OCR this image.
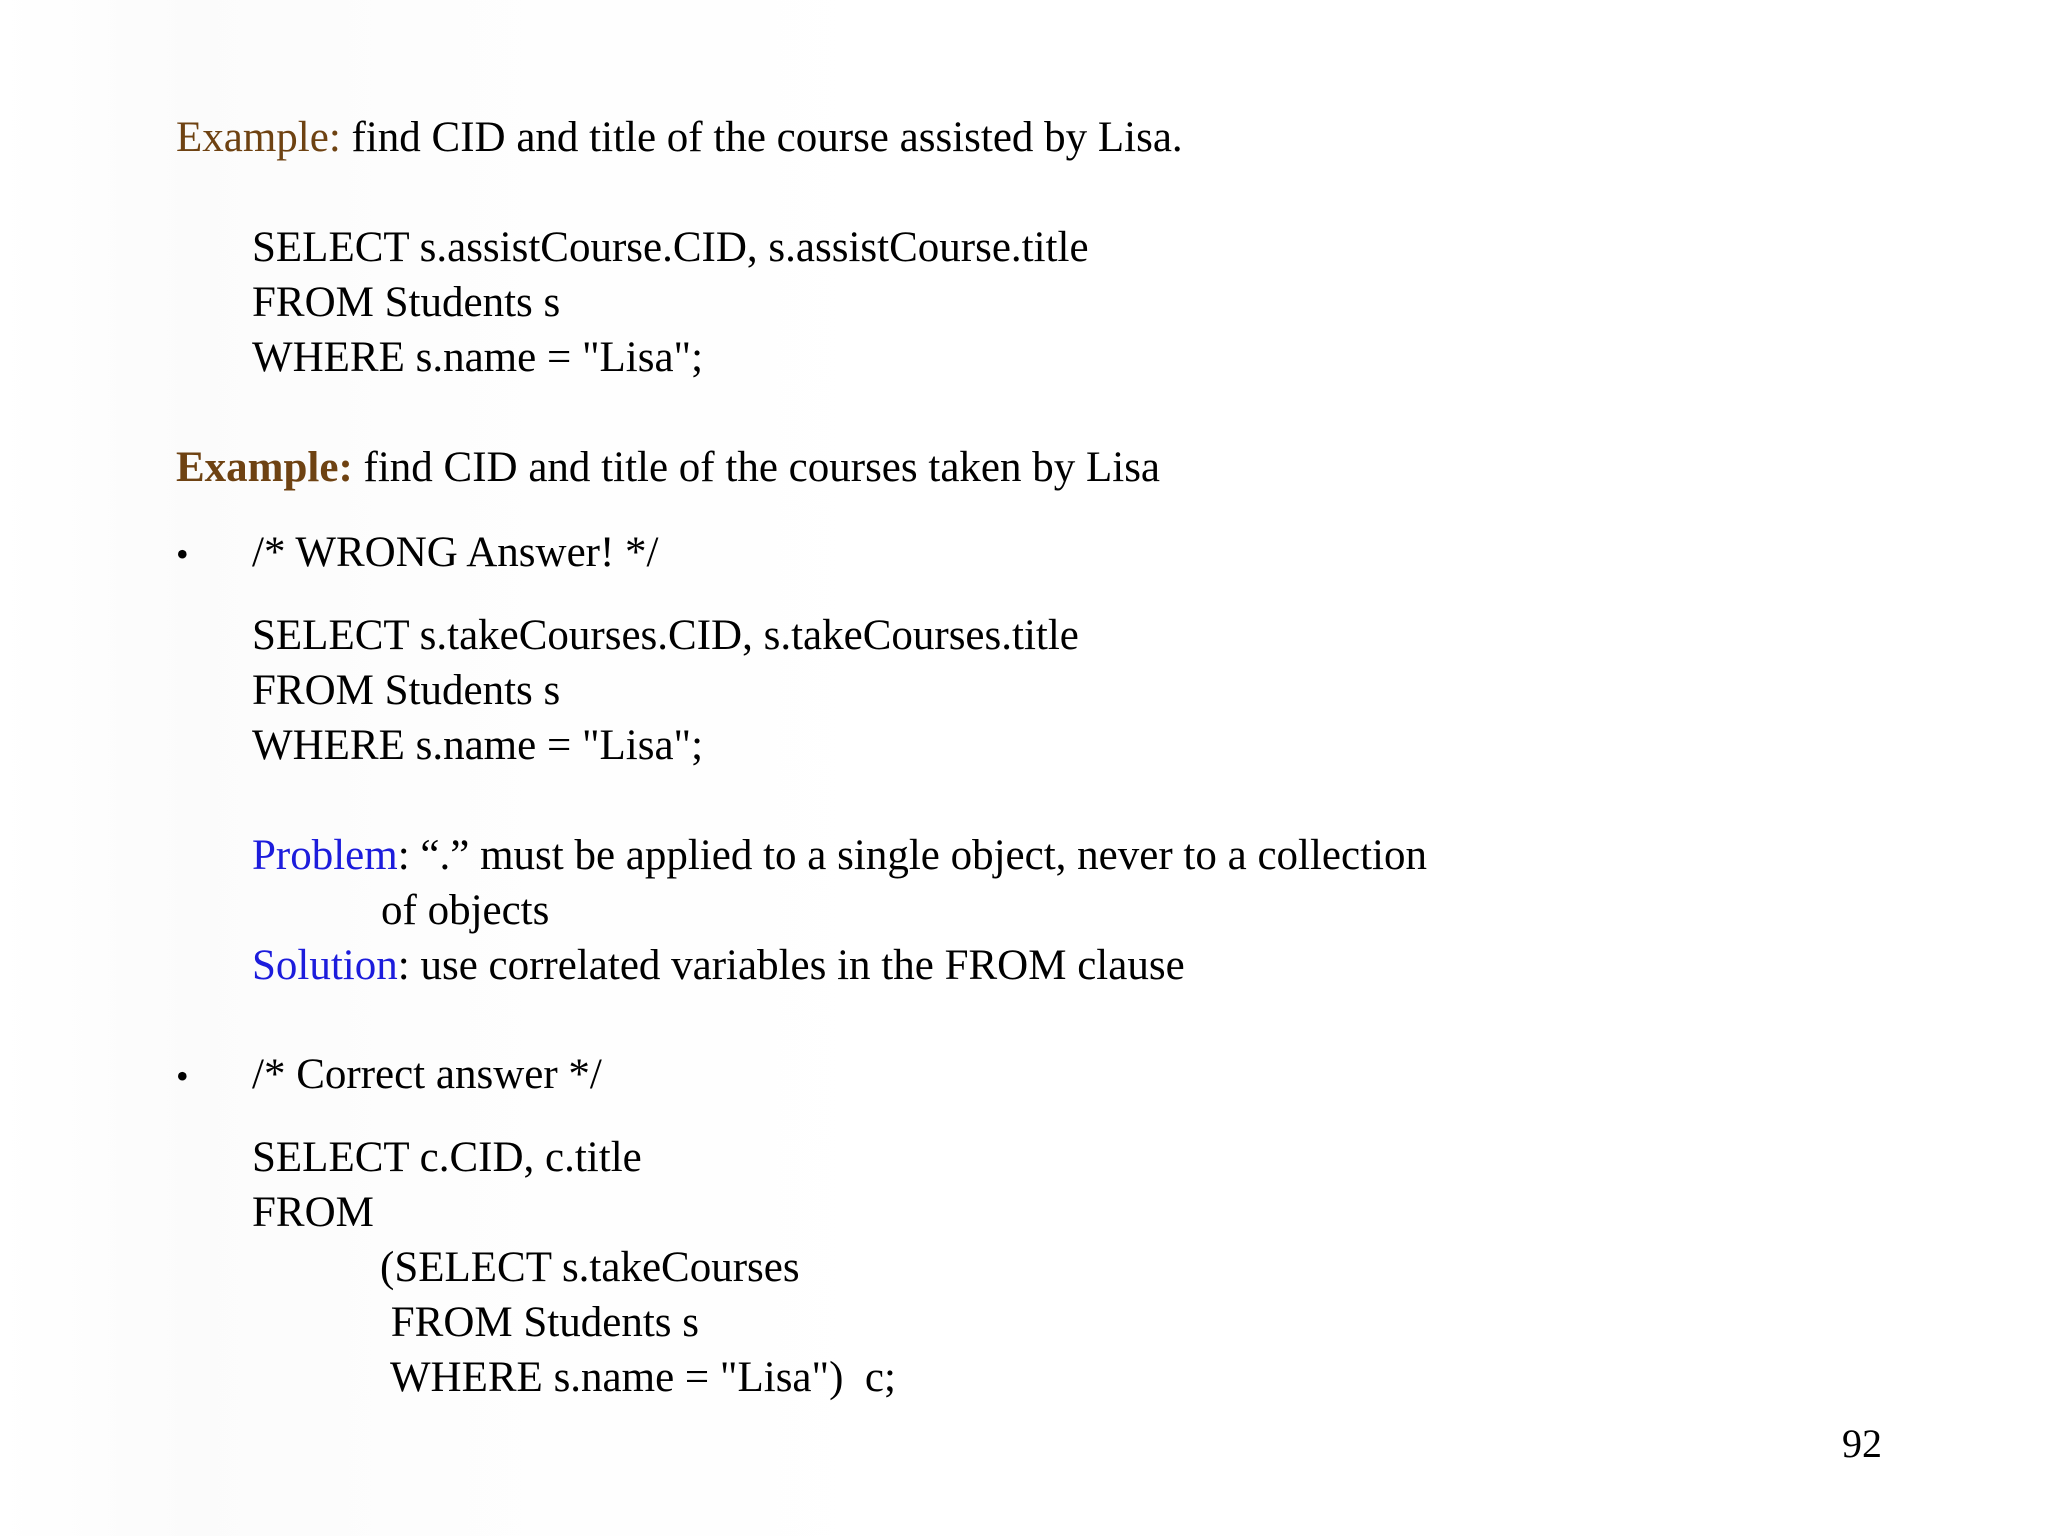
Example: find CID and title of the course assisted by Lisa.
SELECT s.assistCourse.CID, s.assistCourse.title
FROM Students s
WHERE s.name = "Lisa";
Example: find CID and title of the courses taken by Lisa
• /* WRONG Answer! */
SELECT s.takeCourses.CID, s.takeCourses.title
FROM Students s
WHERE s.name = "Lisa";
Problem: “.” must be applied to a single object, never to a collection
of objects
Solution: use correlated variables in the FROM clause
• /* Correct answer */
SELECT c.CID, c.title
FROM
(SELECT s.takeCourses
FROM Students s
WHERE s.name = "Lisa")  c;
92
